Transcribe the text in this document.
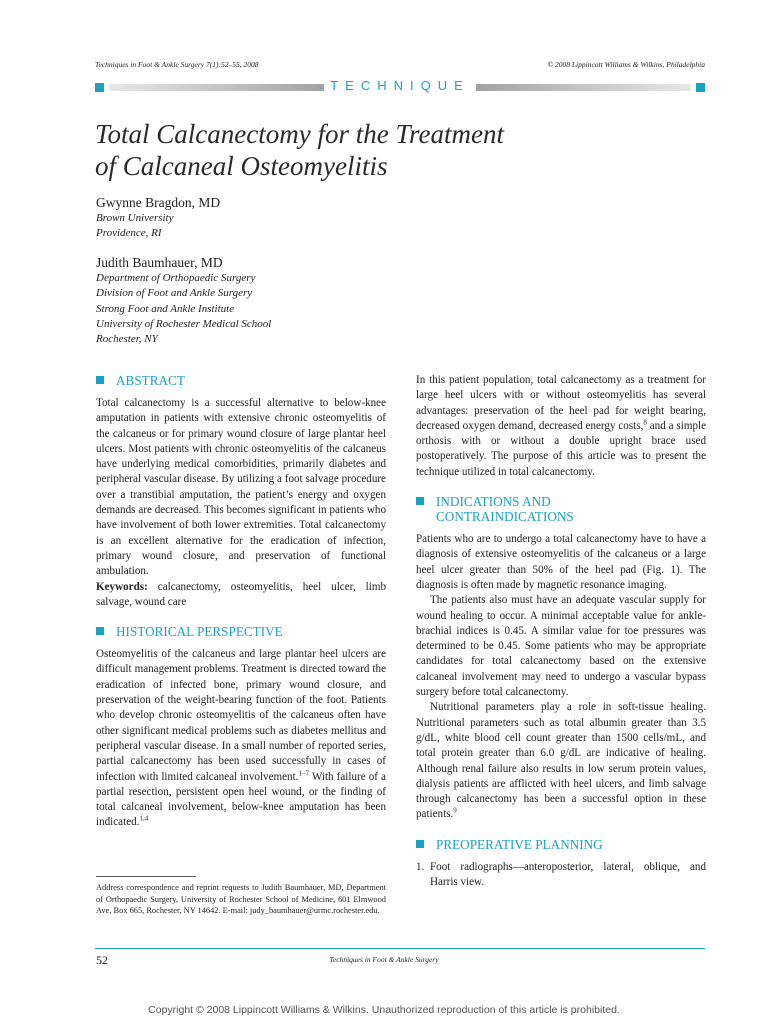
Techniques in Foot & Ankle Surgery 7(1):52–55, 2008	© 2008 Lippincott Williams & Wilkins, Philadelphia
TECHNIQUE
Total Calcanectomy for the Treatment
of Calcaneal Osteomyelitis
Gwynne Bragdon, MD
Brown University
Providence, RI
Judith Baumhauer, MD
Department of Orthopaedic Surgery
Division of Foot and Ankle Surgery
Strong Foot and Ankle Institute
University of Rochester Medical School
Rochester, NY
ABSTRACT

Total calcanectomy is a successful alternative to below-knee amputation in patients with extensive chronic osteomyelitis of the calcaneus or for primary wound closure of large plantar heel ulcers. Most patients with chronic osteomyelitis of the calcaneus have underlying medical comorbidities, primarily diabetes and peripheral vascular disease. By utilizing a foot salvage procedure over a transtibial amputation, the patient’s energy and oxygen demands are decreased. This becomes significant in patients who have involvement of both lower extremities. Total calcanectomy is an excellent alternative for the eradication of infection, primary wound closure, and preservation of functional ambulation.

Keywords: calcanectomy, osteomyelitis, heel ulcer, limb salvage, wound care

HISTORICAL PERSPECTIVE

Osteomyelitis of the calcaneus and large plantar heel ulcers are difficult management problems. Treatment is directed toward the eradication of infected bone, primary wound closure, and preservation of the weight-bearing function of the foot. Patients who develop chronic osteomyelitis of the calcaneus often have other significant medical problems such as diabetes mellitus and peripheral vascular disease. In a small number of reported series, partial calcanectomy has been used successfully in cases of infection with limited calcaneal involvement.$^{1-7}$ With failure of a partial resection, persistent open heel wound, or the finding of total calcaneal involvement, below-knee amputation has been indicated.$^{1,4}$

Address correspondence and reprint requests to Judith Baumhauer, MD, Department of Orthopaedic Surgery, University of Rochester School of Medicine, 601 Elmwood Ave, Box 665, Rochester, NY 14642. E-mail: judy_baumhauer@urmc.rochester.edu.

In this patient population, total calcanectomy as a treatment for large heel ulcers with or without osteomyelitis has several advantages: preservation of the heel pad for weight bearing, decreased oxygen demand, decreased energy costs,$^8$ and a simple orthosis with or without a double upright brace used postoperatively. The purpose of this article was to present the technique utilized in total calcanectomy.

INDICATIONS AND
CONTRAINDICATIONS

Patients who are to undergo a total calcanectomy have to have a diagnosis of extensive osteomyelitis of the calcaneus or a large heel ulcer greater than 50% of the heel pad (Fig. 1). The diagnosis is often made by magnetic resonance imaging.

The patients also must have an adequate vascular supply for wound healing to occur. A minimal acceptable value for ankle-brachial indices is 0.45. A similar value for toe pressures was determined to be 0.45. Some patients who may be appropriate candidates for total calcanectomy based on the extensive calcaneal involvement may need to undergo a vascular bypass surgery before total calcanectomy.

Nutritional parameters play a role in soft-tissue healing. Nutritional parameters such as total albumin greater than 3.5 g/dL, white blood cell count greater than 1500 cells/mL, and total protein greater than 6.0 g/dL are indicative of healing. Although renal failure also results in low serum protein values, dialysis patients are afflicted with heel ulcers, and limb salvage through calcanectomy has been a successful option in these patients.$^9$

PREOPERATIVE PLANNING
1. Foot radiographs—anteroposterior, lateral, oblique, and Harris view.
52	Techniques in Foot & Ankle Surgery
Copyright © 2008 Lippincott Williams & Wilkins. Unauthorized reproduction of this article is prohibited.
